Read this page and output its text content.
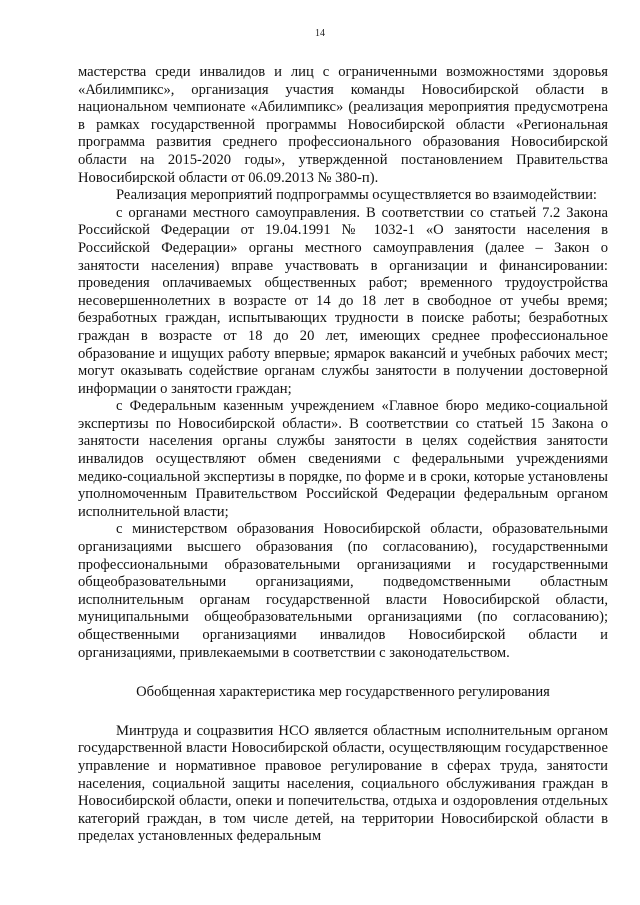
14

мастерства среди инвалидов и лиц с ограниченными возможностями здоровья «Абилимпикс», организация участия команды Новосибирской области в национальном чемпионате «Абилимпикс» (реализация мероприятия предусмотрена в рамках государственной программы Новосибирской области «Региональная программа развития среднего профессионального образования Новосибирской области на 2015-2020 годы», утвержденной постановлением Правительства Новосибирской области от 06.09.2013 № 380-п).

Реализация мероприятий подпрограммы осуществляется во взаимодействии:

с органами местного самоуправления. В соответствии со статьей 7.2 Закона Российской Федерации от 19.04.1991 № 1032-1 «О занятости населения в Российской Федерации» органы местного самоуправления (далее – Закон о занятости населения) вправе участвовать в организации и финансировании: проведения оплачиваемых общественных работ; временного трудоустройства несовершеннолетних в возрасте от 14 до 18 лет в свободное от учебы время; безработных граждан, испытывающих трудности в поиске работы; безработных граждан в возрасте от 18 до 20 лет, имеющих среднее профессиональное образование и ищущих работу впервые; ярмарок вакансий и учебных рабочих мест; могут оказывать содействие органам службы занятости в получении достоверной информации о занятости граждан;

с Федеральным казенным учреждением «Главное бюро медико-социальной экспертизы по Новосибирской области». В соответствии со статьей 15 Закона о занятости населения органы службы занятости в целях содействия занятости инвалидов осуществляют обмен сведениями с федеральными учреждениями медико-социальной экспертизы в порядке, по форме и в сроки, которые установлены уполномоченным Правительством Российской Федерации федеральным органом исполнительной власти;

с министерством образования Новосибирской области, образовательными организациями высшего образования (по согласованию), государственными профессиональными образовательными организациями и государственными общеобразовательными организациями, подведомственными областным исполнительным органам государственной власти Новосибирской области, муниципальными общеобразовательными организациями (по согласованию); общественными организациями инвалидов Новосибирской области и организациями, привлекаемыми в соответствии с законодательством.

Обобщенная характеристика мер государственного регулирования

Минтруда и соцразвития НСО является областным исполнительным органом государственной власти Новосибирской области, осуществляющим государственное управление и нормативное правовое регулирование в сферах труда, занятости населения, социальной защиты населения, социального обслуживания граждан в Новосибирской области, опеки и попечительства, отдыха и оздоровления отдельных категорий граждан, в том числе детей, на территории Новосибирской области в пределах установленных федеральным
